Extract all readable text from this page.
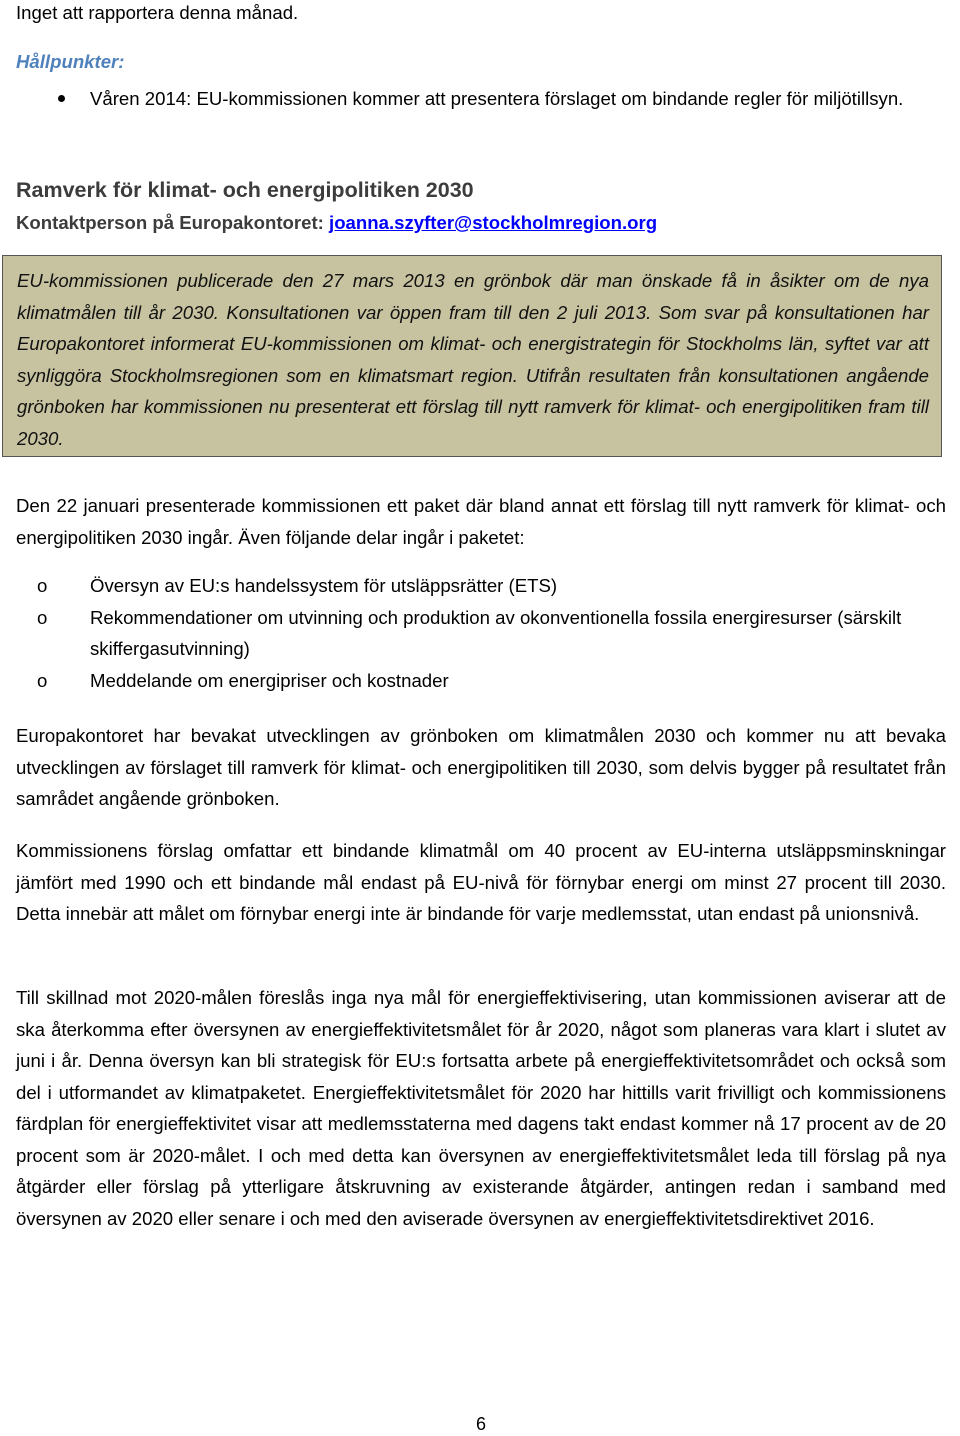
Inget att rapportera denna månad.
Hållpunkter:
Våren 2014: EU-kommissionen kommer att presentera förslaget om bindande regler för miljötillsyn.
Ramverk för klimat- och energipolitiken 2030
Kontaktperson på Europakontoret: joanna.szyfter@stockholmregion.org

EU-kommissionen publicerade den 27 mars 2013 en grönbok där man önskade få in åsikter om de nya klimatmålen till år 2030. Konsultationen var öppen fram till den 2 juli 2013. Som svar på konsultationen har Europakontoret informerat EU-kommissionen om klimat- och energistrategin för Stockholms län, syftet var att synliggöra Stockholmsregionen som en klimatsmart region. Utifrån resultaten från konsultationen angående grönboken har kommissionen nu presenterat ett förslag till nytt ramverk för klimat- och energipolitiken fram till 2030.

Den 22 januari presenterade kommissionen ett paket där bland annat ett förslag till nytt ramverk för klimat- och energipolitiken 2030 ingår. Även följande delar ingår i paketet:

o	Översyn av EU:s handelssystem för utsläppsrätter (ETS)
o	Rekommendationer om utvinning och produktion av okonventionella fossila energiresurser (särskilt skiffergasutvinning)
o	Meddelande om energipriser och kostnader

Europakontoret har bevakat utvecklingen av grönboken om klimatmålen 2030 och kommer nu att bevaka utvecklingen av förslaget till ramverk för klimat- och energipolitiken till 2030, som delvis bygger på resultatet från samrådet angående grönboken.

Kommissionens förslag omfattar ett bindande klimatmål om 40 procent av EU-interna utsläppsminskningar jämfört med 1990 och ett bindande mål endast på EU-nivå för förnybar energi om minst 27 procent till 2030. Detta innebär att målet om förnybar energi inte är bindande för varje medlemsstat, utan endast på unionsnivå.

Till skillnad mot 2020-målen föreslås inga nya mål för energieffektivisering, utan kommissionen aviserar att de ska återkomma efter översynen av energieffektivitetsmålet för år 2020, något som planeras vara klart i slutet av juni i år. Denna översyn kan bli strategisk för EU:s fortsatta arbete på energieffektivitetsområdet och också som del i utformandet av klimatpaketet. Energieffektivitetsmålet för 2020 har hittills varit frivilligt och kommissionens färdplan för energieffektivitet visar att medlemsstaterna med dagens takt endast kommer nå 17 procent av de 20 procent som är 2020-målet. I och med detta kan översynen av energieffektivitetsmålet leda till förslag på nya åtgärder eller förslag på ytterligare åtskruvning av existerande åtgärder, antingen redan i samband med översynen av 2020 eller senare i och med den aviserade översynen av energieffektivitetsdirektivet 2016.

6
